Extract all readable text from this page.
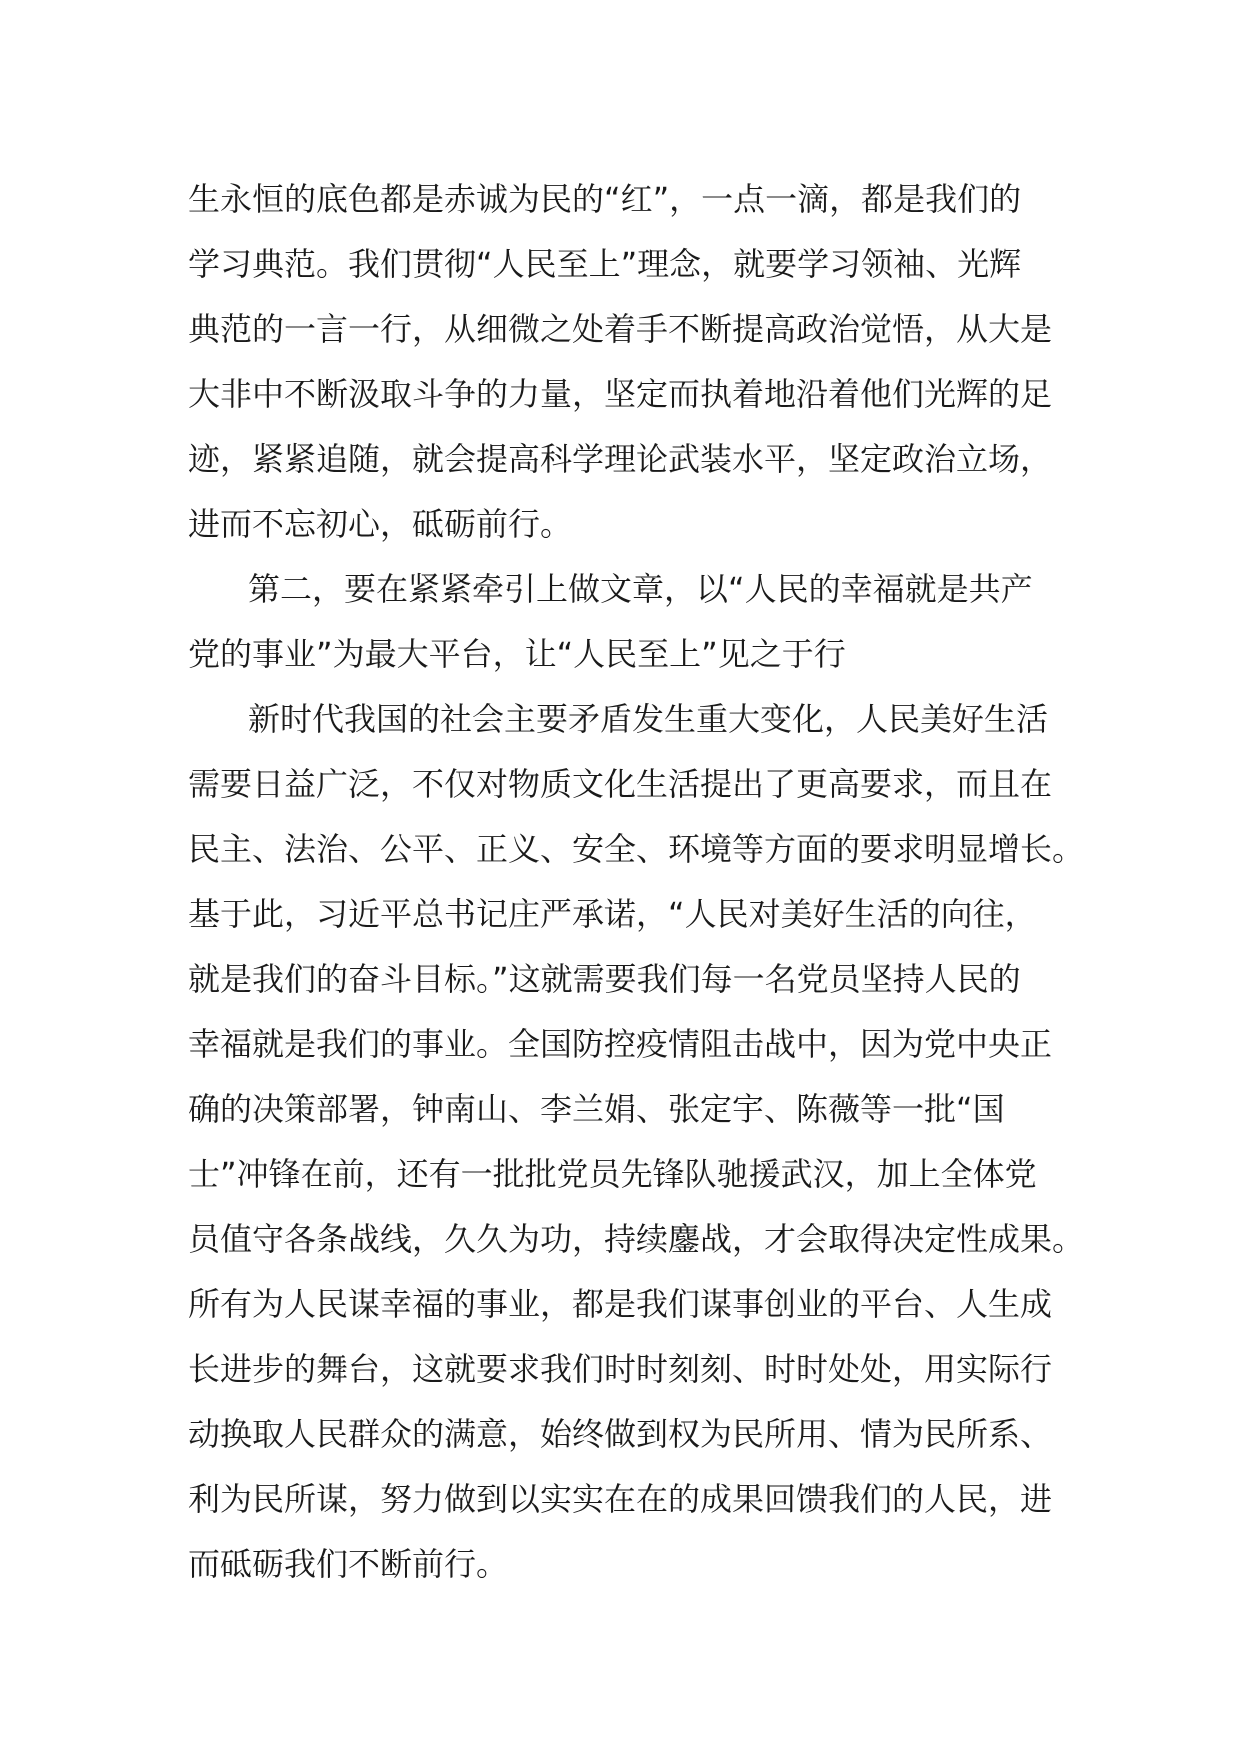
生永恒的底色都是赤诚为民的“红”，一点一滴，都是我们的
学习典范。我们贯彻“人民至上”理念，就要学习领袖、光辉
典范的一言一行，从细微之处着手不断提高政治觉悟，从大是
大非中不断汲取斗争的力量，坚定而执着地沿着他们光辉的足
迹，紧紧追随，就会提高科学理论武装水平，坚定政治立场，
进而不忘初心，砥砺前行。
第二，要在紧紧牵引上做文章，以“人民的幸福就是共产
党的事业”为最大平台，让“人民至上”见之于行
新时代我国的社会主要矛盾发生重大变化，人民美好生活
需要日益广泛，不仅对物质文化生活提出了更高要求，而且在
民主、法治、公平、正义、安全、环境等方面的要求明显增长。
基于此，习近平总书记庄严承诺，“人民对美好生活的向往，
就是我们的奋斗目标。”这就需要我们每一名党员坚持人民的
幸福就是我们的事业。全国防控疫情阻击战中，因为党中央正
确的决策部署，钟南山、李兰娟、张定宇、陈薇等一批“国
士”冲锋在前，还有一批批党员先锋队驰援武汉，加上全体党
员值守各条战线，久久为功，持续鏖战，才会取得决定性成果。
所有为人民谋幸福的事业，都是我们谋事创业的平台、人生成
长进步的舞台，这就要求我们时时刻刻、时时处处，用实际行
动换取人民群众的满意，始终做到权为民所用、情为民所系、
利为民所谋，努力做到以实实在在的成果回馈我们的人民，进
而砥砺我们不断前行。
